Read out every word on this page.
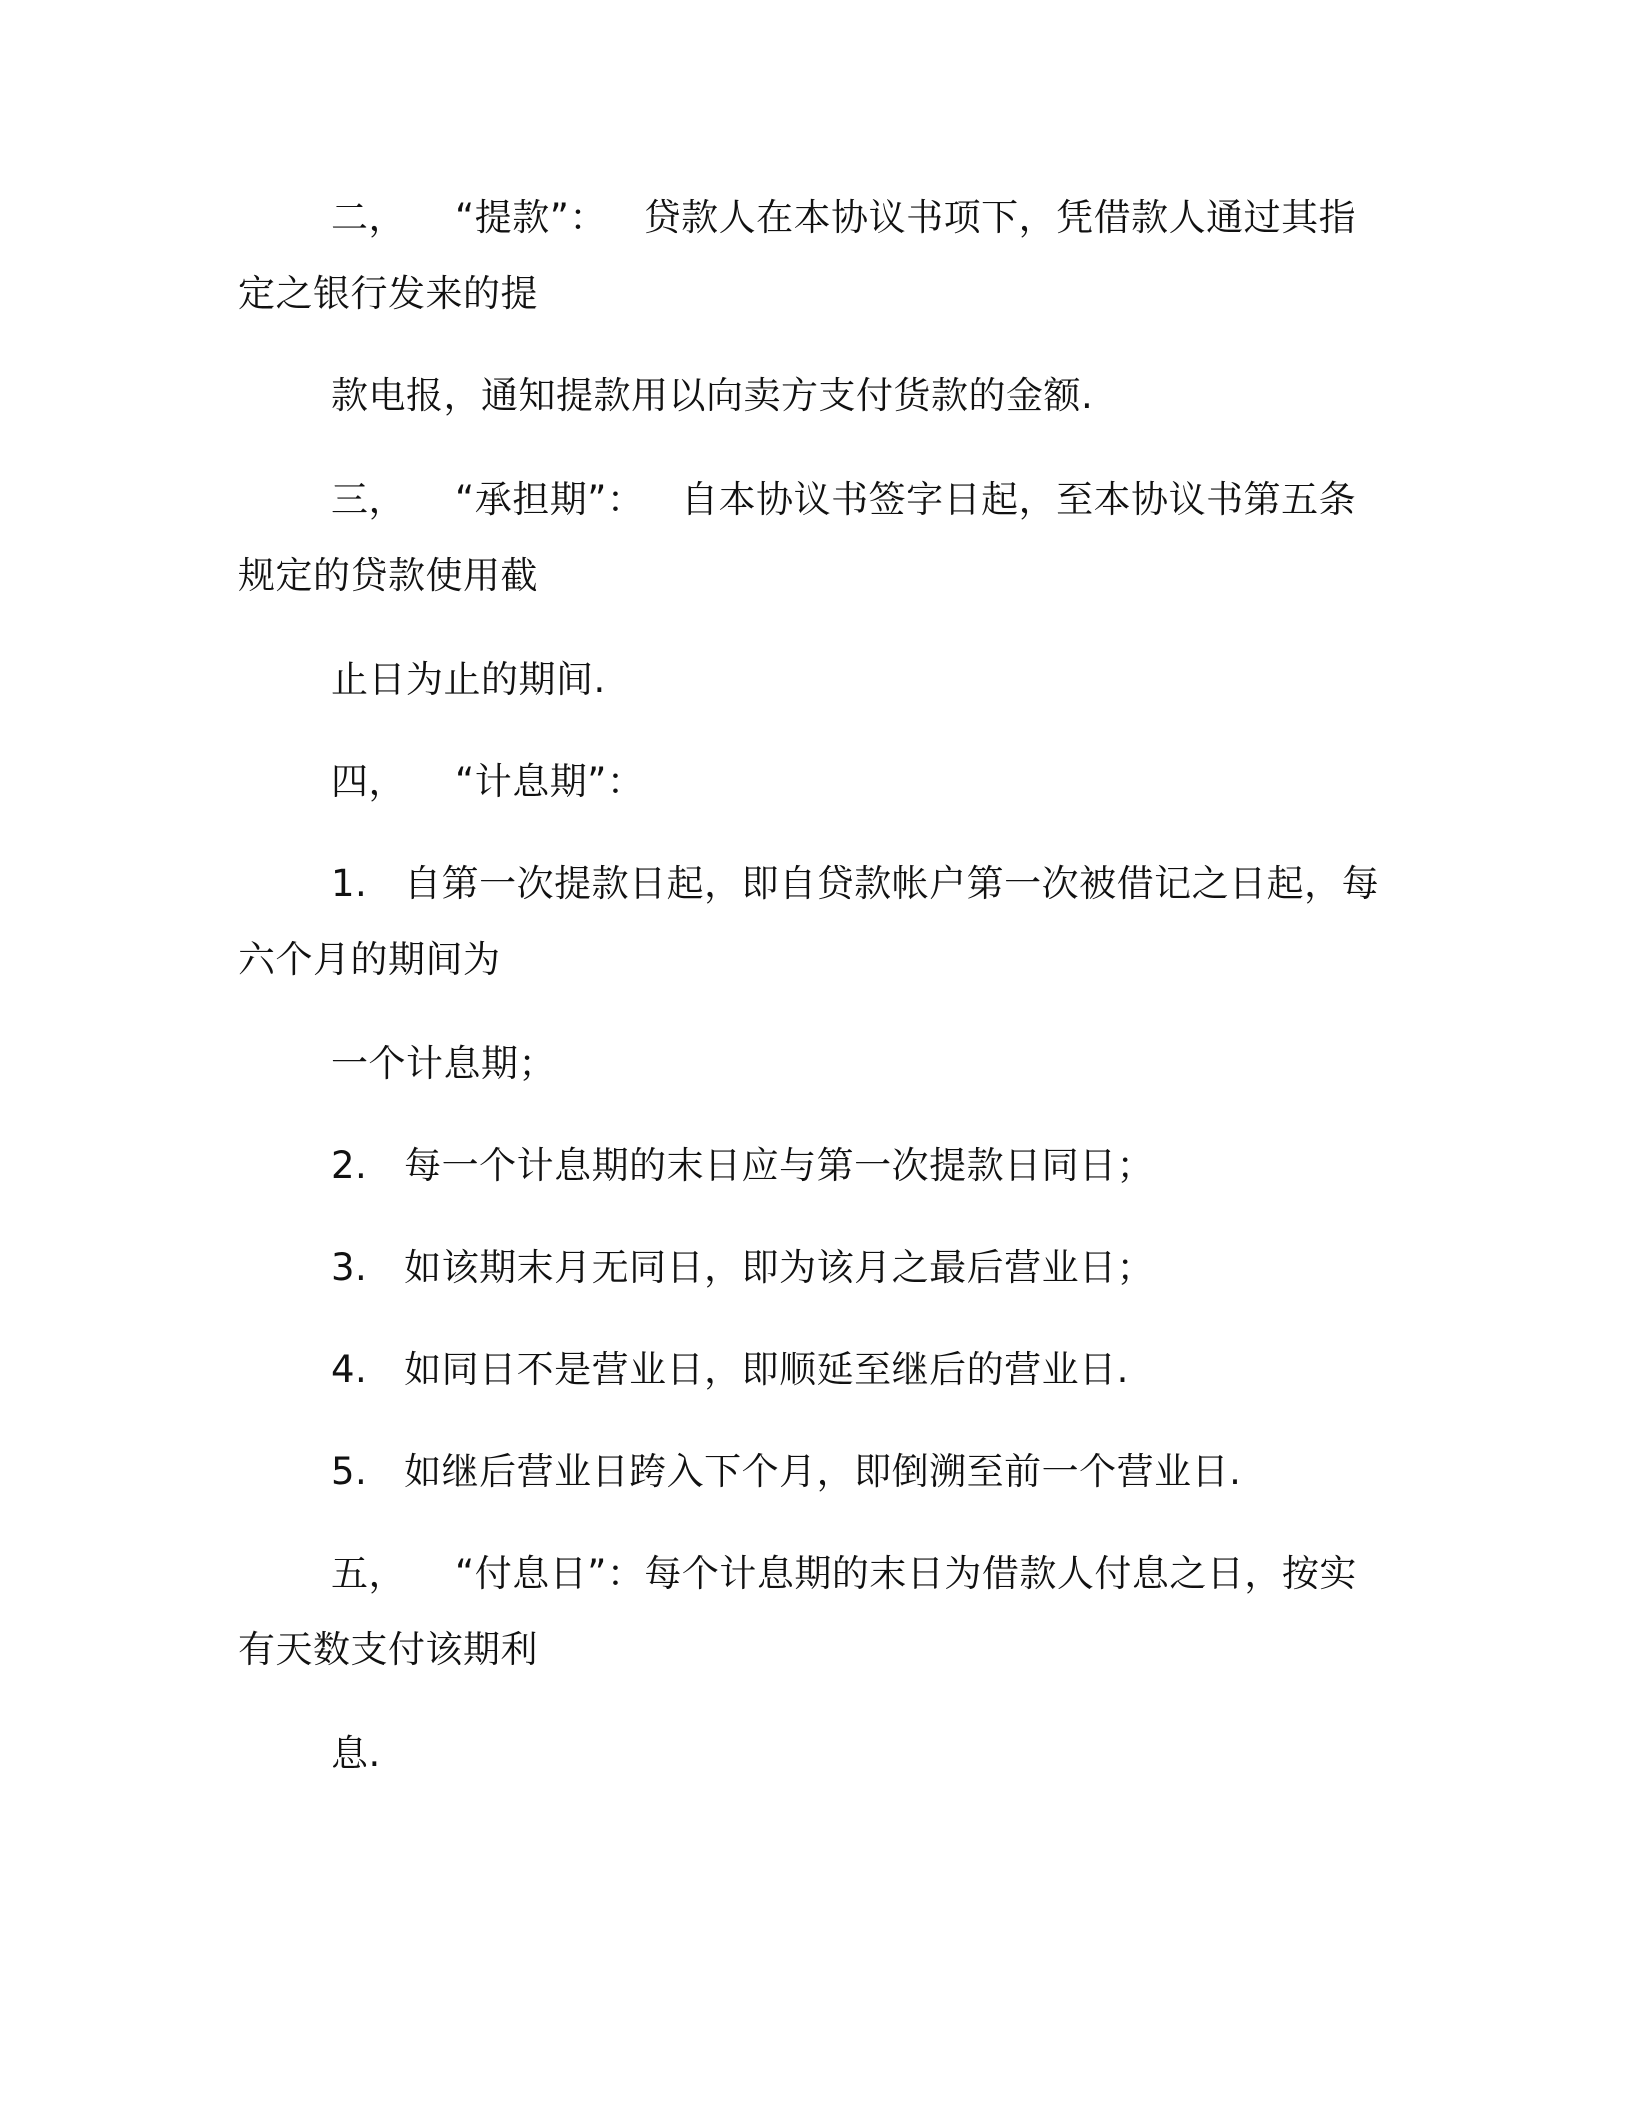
二，    “提款”：   贷款人在本协议书项下，凭借款人通过其指
定之银行发来的提
款电报，通知提款用以向卖方支付货款的金额.
三，    “承担期”：   自本协议书签字日起，至本协议书第五条
规定的贷款使用截
止日为止的期间.
四，    “计息期”：
1.   自第一次提款日起，即自贷款帐户第一次被借记之日起，每
六个月的期间为
一个计息期；
2.   每一个计息期的末日应与第一次提款日同日；
3.   如该期末月无同日，即为该月之最后营业日；
4.   如同日不是营业日，即顺延至继后的营业日.
5.   如继后营业日跨入下个月，即倒溯至前一个营业日.
五，    “付息日”：每个计息期的末日为借款人付息之日，按实
有天数支付该期利
息.
